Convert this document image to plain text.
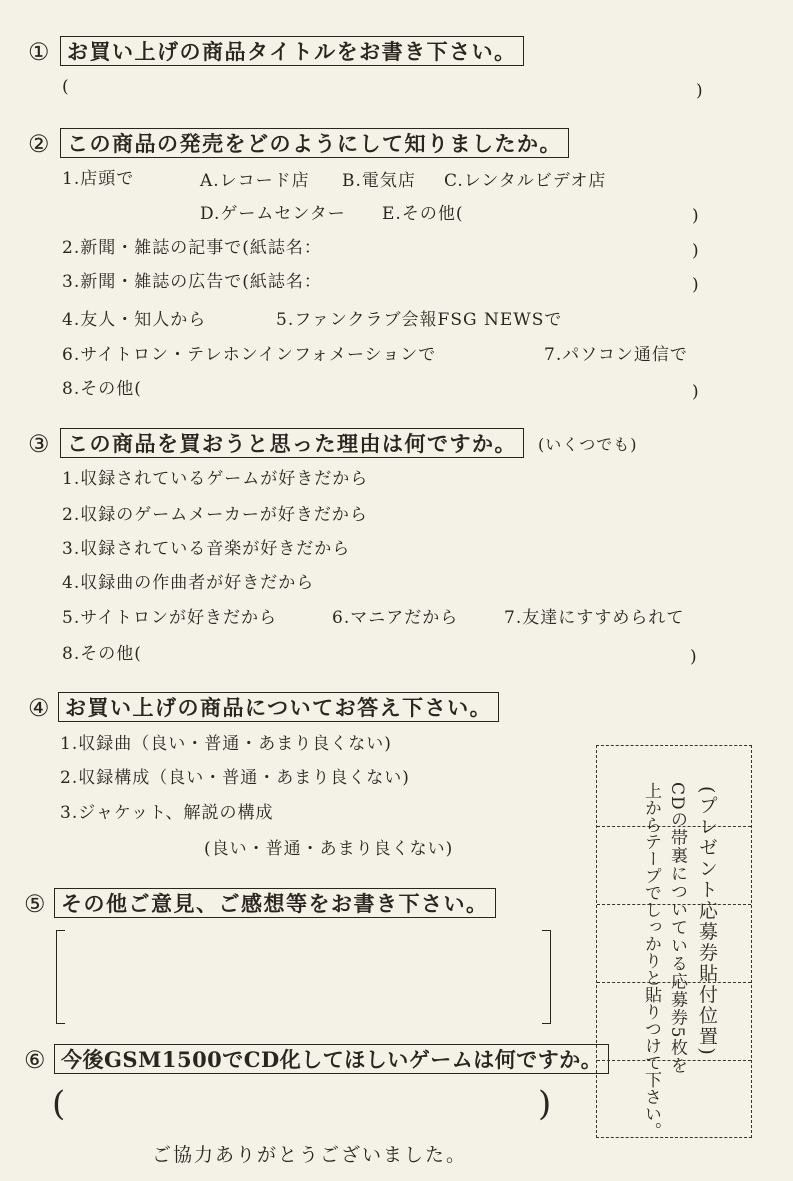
① お買い上げの商品タイトルをお書き下さい。
(	)
② この商品の発売をどのようにして知りましたか。
1.店頭で	A.レコード店 B.電気店 C.レンタルビデオ店
D.ゲームセンター E.その他(	)
2.新聞・雑誌の記事で(紙誌名：	)
3.新聞・雑誌の広告で(紙誌名：	)
4.友人・知人から	5.ファンクラブ会報FSG NEWSで
6.サイトロン・テレホンインフォメーションで	7.パソコン通信で
8.その他(	)
③ この商品を買おうと思った理由は何ですか。	(いくつでも)
1.収録されているゲームが好きだから
2.収録のゲームメーカーが好きだから
3.収録されている音楽が好きだから
4.収録曲の作曲者が好きだから
5.サイトロンが好きだから	6.マニアだから	7.友達にすすめられて
8.その他(	)
④ お買い上げの商品についてお答え下さい。
1.収録曲（良い・普通・あまり良くない)
2.収録構成（良い・普通・あまり良くない)
3.ジャケット、解説の構成
(良い・普通・あまり良くない)
⑤ その他ご意見、ご感想等をお書き下さい。
⑥ 今後GSM1500でCD化してほしいゲームは何ですか。
(	)
(プレゼント応募券貼付位置)
CDの帯裏についている応募券5枚を
上からテープでしっかりと貼りつけて下さい。
ご協力ありがとうございました。
